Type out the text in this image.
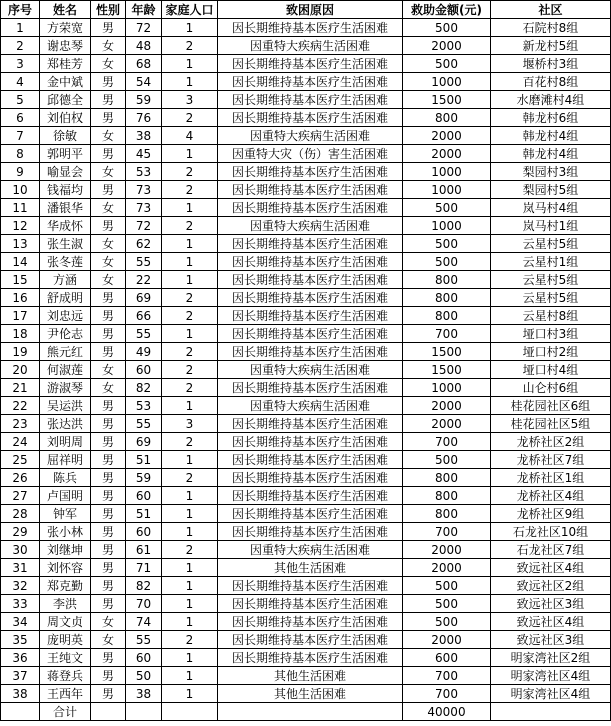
序号	姓名	性别	年龄	家庭人口	致困原因	救助金额(元)	社区
1	方荣宽	男	72	1	因长期维持基本医疗生活困难	500	石院村8组
2	谢忠琴	女	48	2	因重特大疾病生活困难	2000	新龙村5组
3	郑桂芳	女	68	1	因长期维持基本医疗生活困难	500	堰桥村3组
4	金中斌	男	54	1	因长期维持基本医疗生活困难	1000	百花村8组
5	邱德全	男	59	3	因长期维持基本医疗生活困难	1500	水磨滩村4组
6	刘伯权	男	76	2	因长期维持基本医疗生活困难	800	韩龙村6组
7	徐敏	女	38	4	因重特大疾病生活困难	2000	韩龙村4组
8	郭明平	男	45	1	因重特大灾（伤）害生活困难	2000	韩龙村4组
9	喻显会	女	53	2	因长期维持基本医疗生活困难	1000	梨园村3组
10	钱福均	男	73	2	因长期维持基本医疗生活困难	1000	梨园村5组
11	潘银华	女	73	1	因长期维持基本医疗生活困难	500	岚马村4组
12	华成怀	男	72	2	因重特大疾病生活困难	1000	岚马村1组
13	张生淑	女	62	1	因长期维持基本医疗生活困难	500	云星村5组
14	张冬莲	女	55	1	因长期维持基本医疗生活困难	500	云星村1组
15	方涵	女	22	1	因长期维持基本医疗生活困难	800	云星村5组
16	舒成明	男	69	2	因长期维持基本医疗生活困难	800	云星村5组
17	刘忠远	男	66	2	因长期维持基本医疗生活困难	800	云星村8组
18	尹伦志	男	55	1	因长期维持基本医疗生活困难	700	垭口村3组
19	熊元红	男	49	2	因长期维持基本医疗生活困难	1500	垭口村2组
20	何淑莲	女	60	2	因重特大疾病生活困难	1500	垭口村4组
21	游淑琴	女	82	2	因长期维持基本医疗生活困难	1000	山仑村6组
22	吴运洪	男	53	1	因重特大疾病生活困难	2000	桂花园社区6组
23	张达洪	男	55	3	因长期维持基本医疗生活困难	2000	桂花园社区5组
24	刘明周	男	69	2	因长期维持基本医疗生活困难	700	龙桥社区2组
25	屈祥明	男	51	1	因长期维持基本医疗生活困难	500	龙桥社区7组
26	陈兵	男	59	2	因长期维持基本医疗生活困难	800	龙桥社区1组
27	卢国明	男	60	1	因长期维持基本医疗生活困难	800	龙桥社区4组
28	钟军	男	51	1	因长期维持基本医疗生活困难	800	龙桥社区9组
29	张小林	男	60	1	因长期维持基本医疗生活困难	700	石龙社区10组
30	刘继坤	男	61	2	因重特大疾病生活困难	2000	石龙社区7组
31	刘怀容	男	71	1	其他生活困难	2000	致远社区4组
32	郑克勤	男	82	1	因长期维持基本医疗生活困难	500	致远社区2组
33	李洪	男	70	1	因长期维持基本医疗生活困难	500	致远社区3组
34	周文贞	女	74	1	因长期维持基本医疗生活困难	500	致远社区4组
35	庞明英	女	55	2	因长期维持基本医疗生活困难	2000	致远社区3组
36	王纯文	男	60	1	因长期维持基本医疗生活困难	600	明家湾社区2组
37	蒋登兵	男	50	1	其他生活困难	700	明家湾社区4组
38	王西年	男	38	1	其他生活困难	700	明家湾社区4组
	合计					40000	
